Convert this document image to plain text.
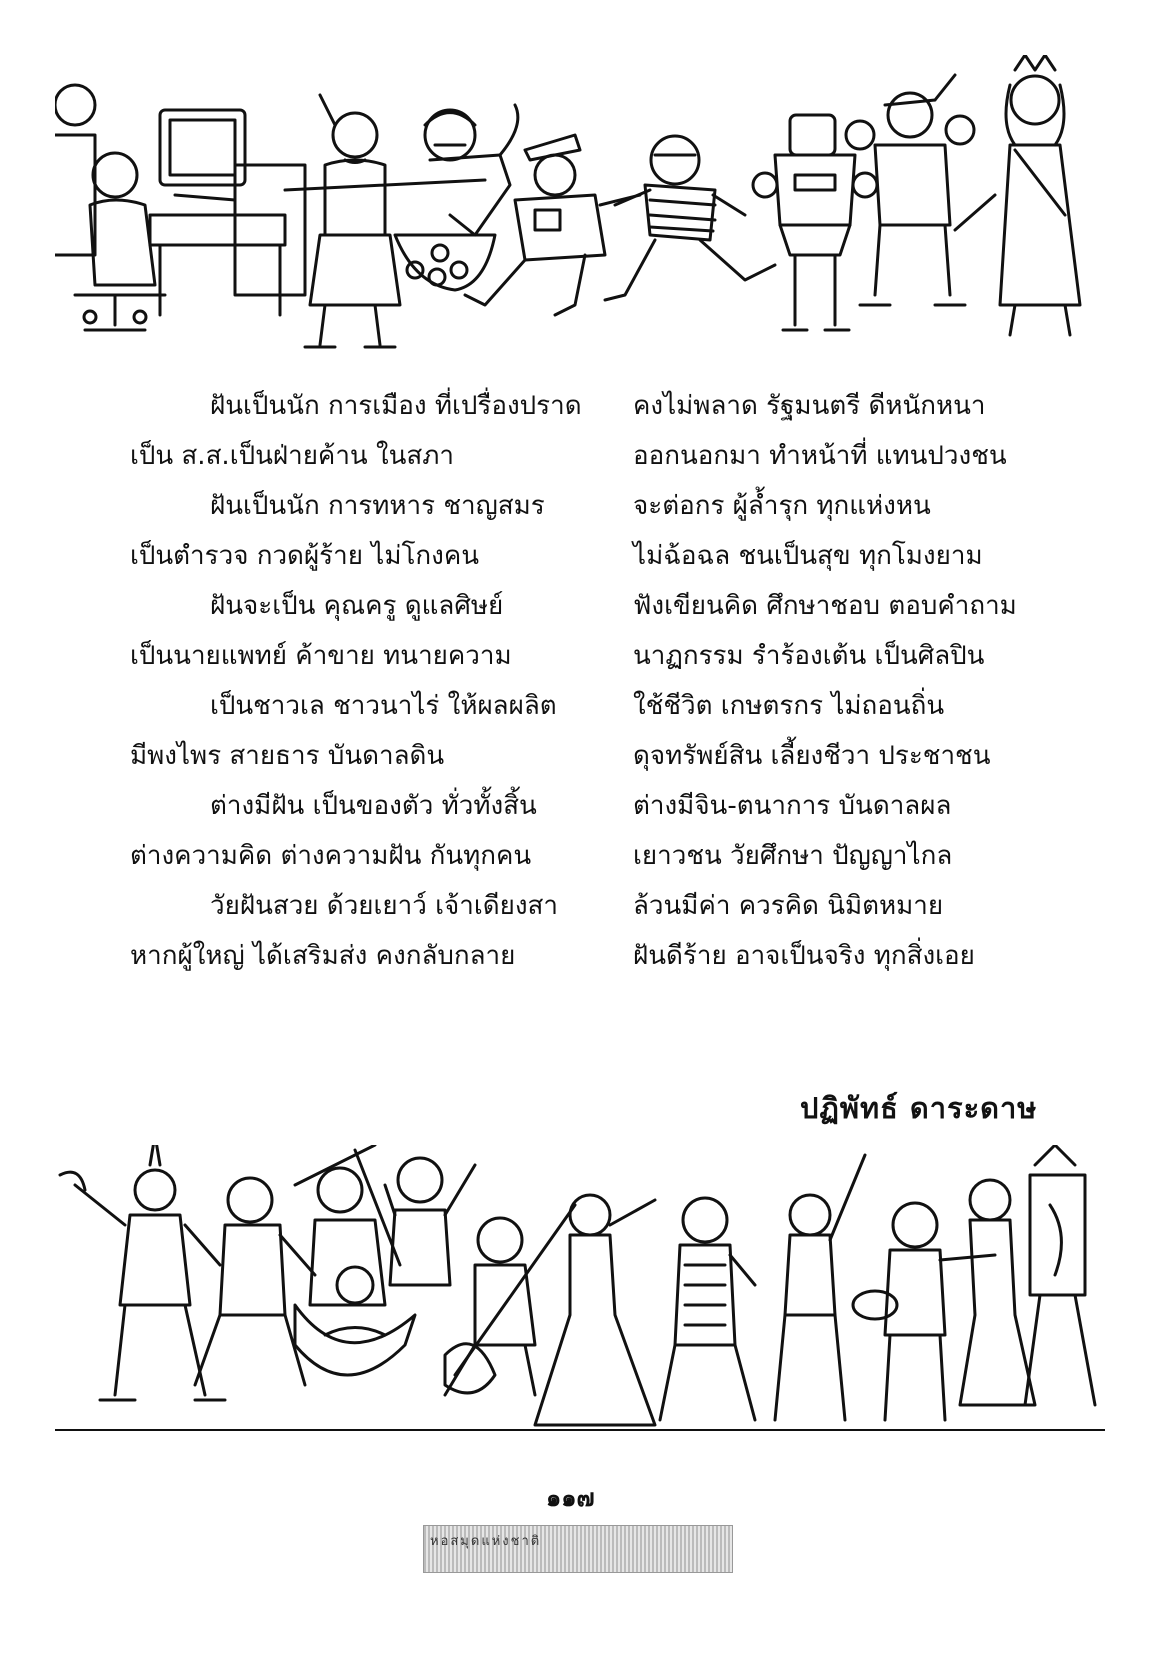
ฝันเป็นนัก การเมือง ที่เปรื่องปราด คงไม่พลาด รัฐมนตรี ดีหนักหนา
เป็น ส.ส.เป็นฝ่ายค้าน ในสภา	ออกนอกมา ทำหน้าที่ แทนปวงชน
ฝันเป็นนัก การทหาร ชาญสมร	จะต่อกร ผู้ล้ำรุก ทุกแห่งหน
เป็นตำรวจ กวดผู้ร้าย ไม่โกงคน	ไม่ฉ้อฉล ชนเป็นสุข ทุกโมงยาม
ฝันจะเป็น คุณครู ดูแลศิษย์	ฟังเขียนคิด ศึกษาชอบ ตอบคำถาม
เป็นนายแพทย์ ค้าขาย ทนายความ	นาฏกรรม รำร้องเต้น เป็นศิลปิน
เป็นชาวเล ชาวนาไร่ ให้ผลผลิต	ใช้ชีวิต เกษตรกร ไม่ถอนถิ่น
มีพงไพร สายธาร บันดาลดิน	ดุจทรัพย์สิน เลี้ยงชีวา ประชาชน
ต่างมีฝัน เป็นของตัว ทั่วทั้งสิ้น	ต่างมีจิน-ตนาการ บันดาลผล
ต่างความคิด ต่างความฝัน กันทุกคน	เยาวชน วัยศึกษา ปัญญาไกล
วัยฝันสวย ด้วยเยาว์ เจ้าเดียงสา	ล้วนมีค่า ควรคิด นิมิตหมาย
หากผู้ใหญ่ ได้เสริมส่ง คงกลับกลาย	ฝันดีร้าย อาจเป็นจริง ทุกสิ่งเอย
ปฏิพัทธ์ ดาระดาษ
๑๑๗
หอสมุดแห่งชาติ
